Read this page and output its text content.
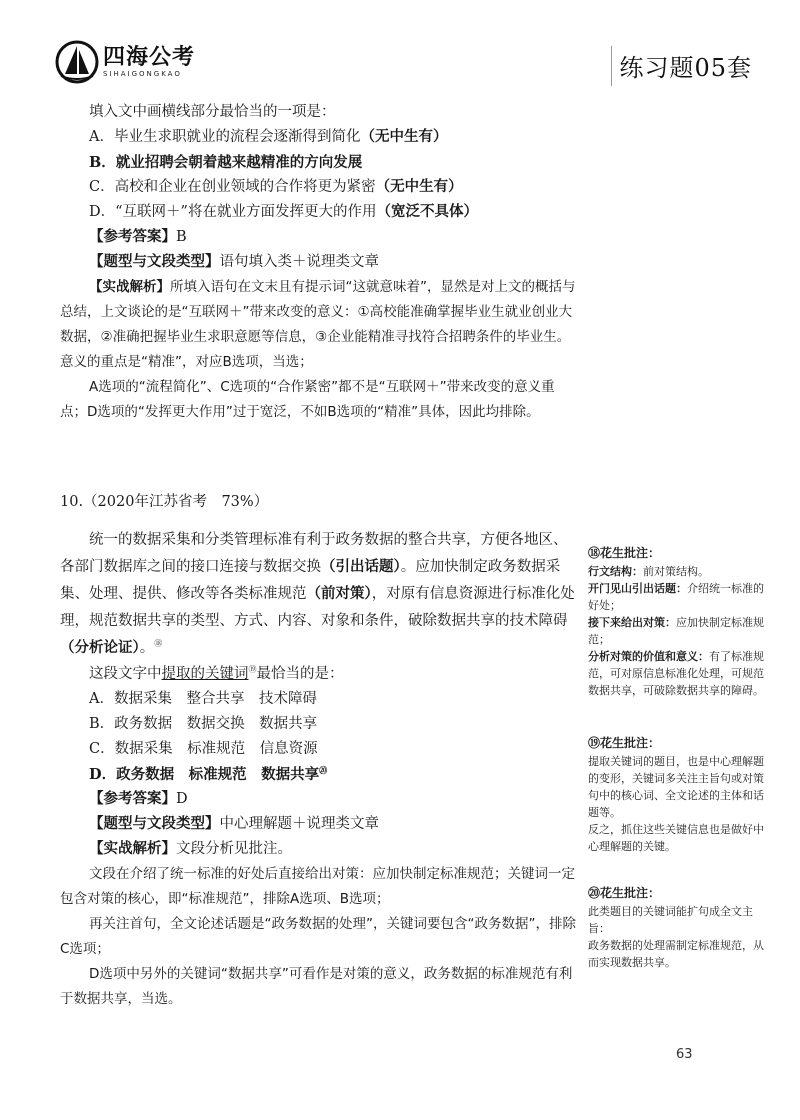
四海公考
SIHAIGONGKAO	练习题05套

填入文中画横线部分最恰当的一项是：

A．毕业生求职就业的流程会逐渐得到简化（无中生有）

B．就业招聘会朝着越来越精准的方向发展

C．高校和企业在创业领域的合作将更为紧密（无中生有）

D．“互联网＋”将在就业方面发挥更大的作用（宽泛不具体）

【参考答案】B

【题型与文段类型】语句填入类＋说理类文章

【实战解析】所填入语句在文末且有提示词“这就意味着”，显然是对上文的概括与总结，上文谈论的是“互联网＋”带来改变的意义：①高校能准确掌握毕业生就业创业大数据，②准确把握毕业生求职意愿等信息，③企业能精准寻找符合招聘条件的毕业生。意义的重点是“精准”，对应B选项，当选；

A选项的“流程简化”、C选项的“合作紧密”都不是“互联网＋”带来改变的意义重点；D选项的“发挥更大作用”过于宽泛，不如B选项的“精准”具体，因此均排除。

10.（2020年江苏省考　73%）

统一的数据采集和分类管理标准有利于政务数据的整合共享，方便各地区、各部门数据库之间的接口连接与数据交换（引出话题）。应加快制定政务数据采集、处理、提供、修改等各类标准规范（前对策），对原有信息资源进行标准化处理，规范数据共享的类型、方式、内容、对象和条件，破除数据共享的技术障碍（分析论证）。⑱

这段文字中提取的关键词⑲最恰当的是：

A．数据采集　整合共享　技术障碍

B．政务数据　数据交换　数据共享

C．数据采集　标准规范　信息资源

D．政务数据　标准规范　数据共享⑳

【参考答案】D

【题型与文段类型】中心理解题＋说理类文章

【实战解析】文段分析见批注。

文段在介绍了统一标准的好处后直接给出对策：应加快制定标准规范；关键词一定包含对策的核心，即“标准规范”，排除A选项、B选项；

再关注首句，全文论述话题是“政务数据的处理”，关键词要包含“政务数据”，排除C选项；

D选项中另外的关键词“数据共享”可看作是对策的意义，政务数据的标准规范有利于数据共享，当选。

⑱花生批注：

行文结构：前对策结构。

开门见山引出话题：介绍统一标准的好处；

接下来给出对策：应加快制定标准规范；

分析对策的价值和意义：有了标准规范，可对原信息标准化处理，可规范数据共享，可破除数据共享的障碍。

⑲花生批注：

提取关键词的题目，也是中心理解题的变形，关键词多关注主旨句或对策句中的核心词、全文论述的主体和话题等。

反之，抓住这些关键信息也是做好中心理解题的关键。

⑳花生批注：

此类题目的关键词能扩句成全文主旨：

政务数据的处理需制定标准规范，从而实现数据共享。

63
